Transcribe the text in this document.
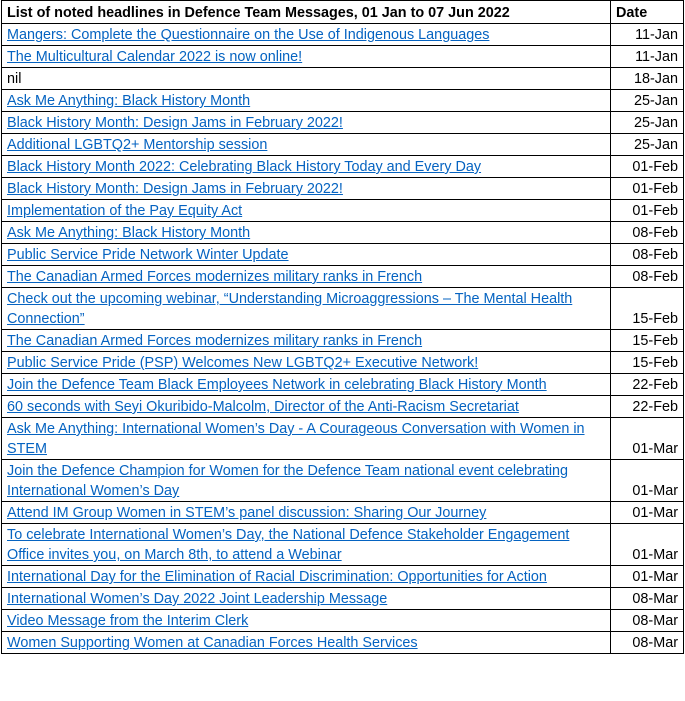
List of noted headlines in Defence Team Messages, 01 Jan to 07 Jun 2022	Date
Mangers: Complete the Questionnaire on the Use of Indigenous Languages	11-Jan
The Multicultural Calendar 2022 is now online!	11-Jan
nil	18-Jan
Ask Me Anything: Black History Month	25-Jan
Black History Month: Design Jams in February 2022!	25-Jan
Additional LGBTQ2+ Mentorship session	25-Jan
Black History Month 2022: Celebrating Black History Today and Every Day	01-Feb
Black History Month: Design Jams in February 2022!	01-Feb
Implementation of the Pay Equity Act	01-Feb
Ask Me Anything: Black History Month	08-Feb
Public Service Pride Network Winter Update	08-Feb
The Canadian Armed Forces modernizes military ranks in French	08-Feb
Check out the upcoming webinar, “Understanding Microaggressions – The Mental Health Connection”	15-Feb
The Canadian Armed Forces modernizes military ranks in French	15-Feb
Public Service Pride (PSP) Welcomes New LGBTQ2+ Executive Network!	15-Feb
Join the Defence Team Black Employees Network in celebrating Black History Month	22-Feb
60 seconds with Seyi Okuribido-Malcolm, Director of the Anti-Racism Secretariat	22-Feb
Ask Me Anything: International Women’s Day - A Courageous Conversation with Women in STEM	01-Mar
Join the Defence Champion for Women for the Defence Team national event celebrating International Women’s Day	01-Mar
Attend IM Group Women in STEM’s panel discussion: Sharing Our Journey	01-Mar
To celebrate International Women’s Day, the National Defence Stakeholder Engagement Office invites you, on March 8th, to attend a Webinar	01-Mar
International Day for the Elimination of Racial Discrimination: Opportunities for Action	01-Mar
International Women’s Day 2022 Joint Leadership Message	08-Mar
Video Message from the Interim Clerk	08-Mar
Women Supporting Women at Canadian Forces Health Services	08-Mar
